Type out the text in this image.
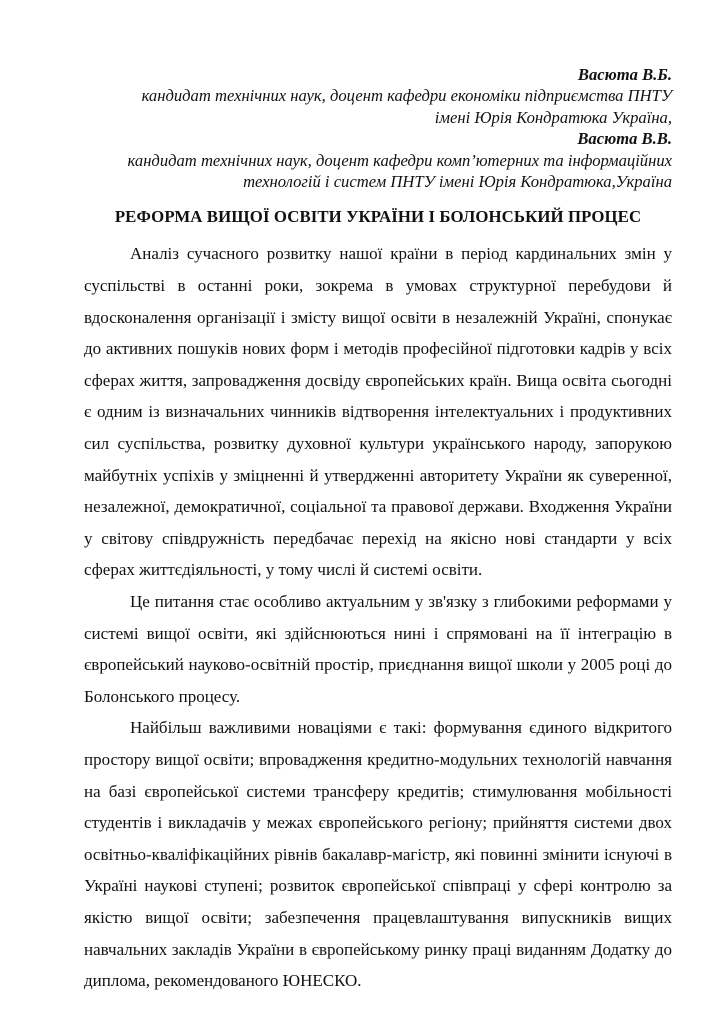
Васюта В.Б.
кандидат технічних наук, доцент кафедри економіки підприємства ПНТУ
імені Юрія Кондратюка Україна,
Васюта В.В.
кандидат технічних наук, доцент кафедри комп’ютерних та інформаційних
технологій і систем ПНТУ імені Юрія Кондратюка,Україна
РЕФОРМА ВИЩОЇ ОСВІТИ УКРАЇНИ І БОЛОНСЬКИЙ ПРОЦЕС

Аналіз сучасного розвитку нашої країни в період кардинальних змін у суспільстві в останні роки, зокрема в умовах структурної перебудови й вдосконалення організації і змісту вищої освіти в незалежній Україні, спонукає до активних пошуків нових форм і методів професійної підготовки кадрів у всіх сферах життя, запровадження досвіду європейських країн. Вища освіта сьогодні є одним із визначальних чинників відтворення інтелектуальних і продуктивних сил суспільства, розвитку духовної культури українського народу, запорукою майбутніх успіхів у зміцненні й утвердженні авторитету України як суверенної, незалежної, демократичної, соціальної та правової держави. Входження України у світову співдружність передбачає перехід на якісно нові стандарти у всіх сферах життєдіяльності, у тому числі й системі освіти.

Це питання стає особливо актуальним у зв'язку з глибокими реформами у системі вищої освіти, які здійснюються нині і спрямовані на її інтеграцію в європейський науково-освітній простір, приєднання вищої школи у 2005 році до Болонського процесу.

Найбільш важливими новаціями є такі: формування єдиного відкритого простору вищої освіти; впровадження кредитно-модульних технологій навчання на базі європейської системи трансферу кредитів; стимулювання мобільності студентів і викладачів у межах європейського регіону; прийняття системи двох освітньо-кваліфікаційних рівнів бакалавр-магістр, які повинні змінити існуючі в Україні наукові ступені; розвиток європейської співпраці у сфері контролю за якістю вищої освіти; забезпечення працевлаштування випускників вищих навчальних закладів України в європейському ринку праці виданням Додатку до диплома, рекомендованого ЮНЕСКО.
